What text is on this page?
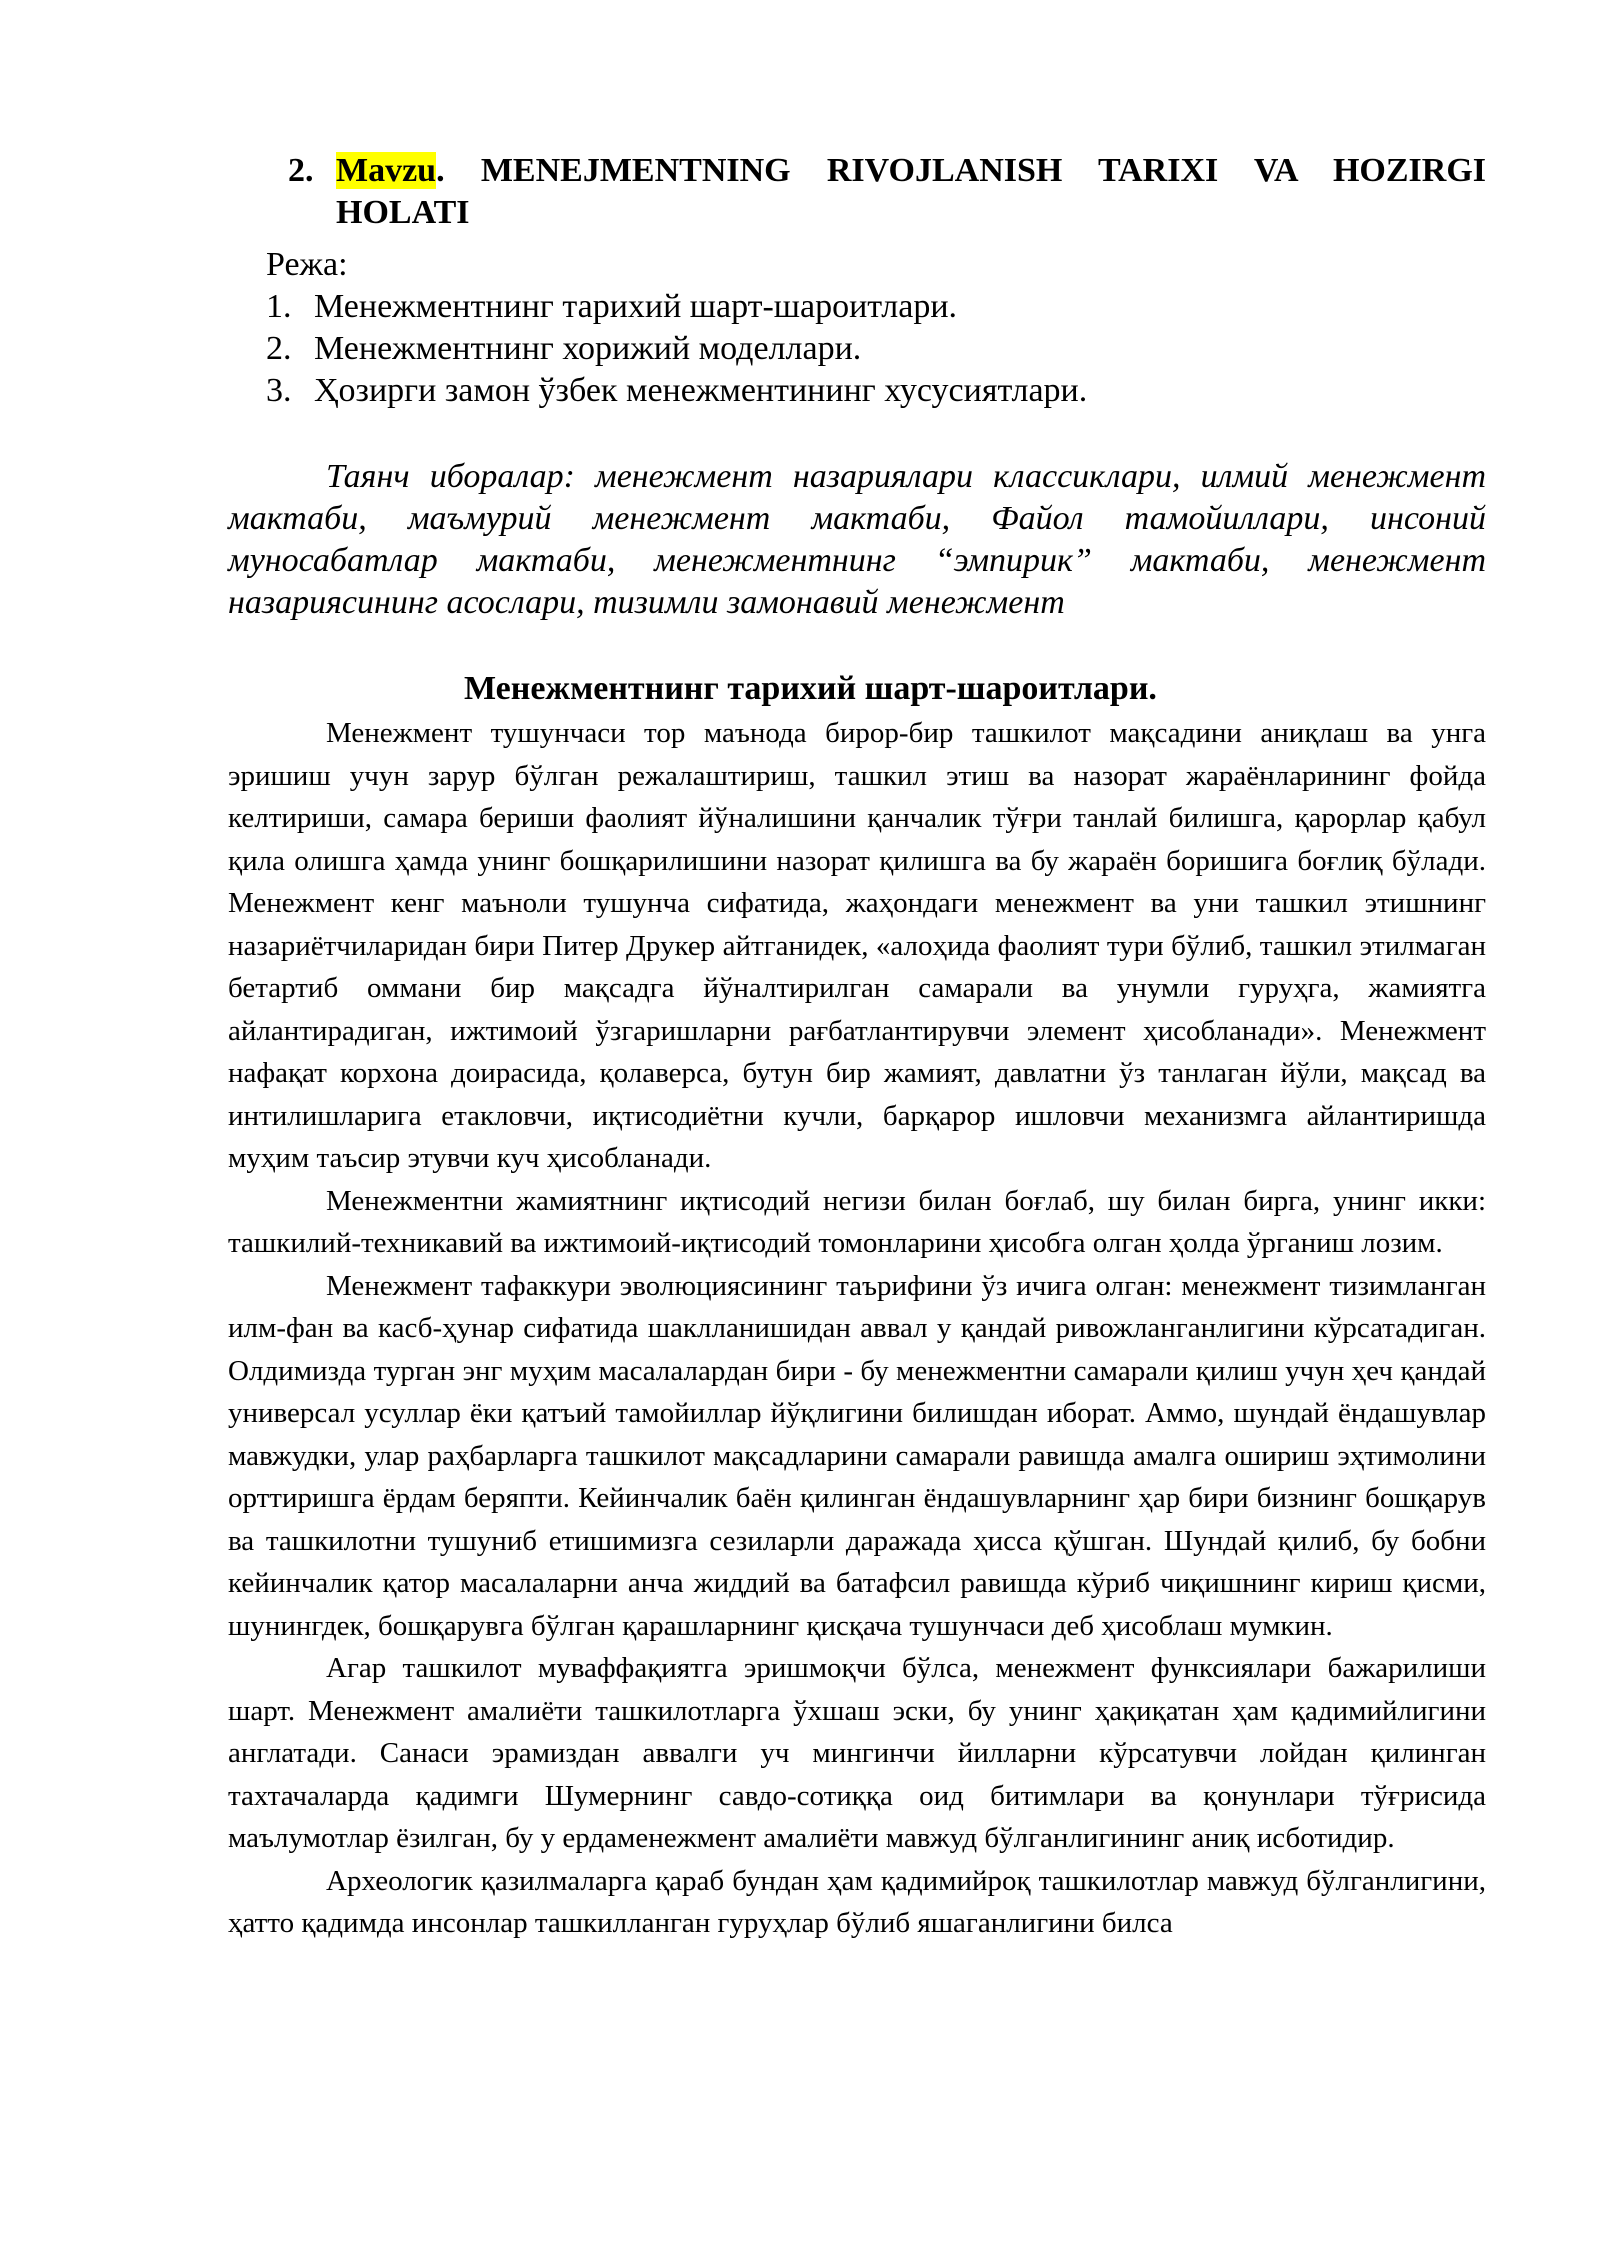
2. Mavzu. MENEJMENTNING RIVOJLANISH TARIXI VA HOZIRGI HOLATI

Режа:

1. Менежментнинг тарихий шарт-шароитлари.
2. Менежментнинг хорижий моделлари.
3. Ҳозирги замон ўзбек менежментининг хусусиятлари.

Таянч иборалар: менежмент назариялари классиклари, илмий менежмент мактаби, маъмурий менежмент мактаби, Файол тамойиллари, инсоний муносабатлар мактаби, менежментнинг “эмпирик” мактаби, менежмент назариясининг асослари, тизимли замонавий менежмент

Менежментнинг тарихий шарт-шароитлари.

Менежмент тушунчаси тор маънода бирор-бир ташкилот мақсадини аниқлаш ва унга эришиш учун зарур бўлган режалаштириш, ташкил этиш ва назорат жараёнларининг фойда келтириши, самара бериши фаолият йўналишини қанчалик тўғри танлай билишга, қарорлар қабул қила олишга ҳамда унинг бошқарилишини назорат қилишга ва бу жараён боришига боғлиқ бўлади. Менежмент кенг маъноли тушунча сифатида, жаҳондаги менежмент ва уни ташкил этишнинг назариётчиларидан бири Питер Друкер айтганидек, «алоҳида фаолият тури бўлиб, ташкил этилмаган бетартиб оммани бир мақсадга йўналтирилган самарали ва унумли гуруҳга, жамиятга айлантирадиган, ижтимоий ўзгаришларни рағбатлантирувчи элемент ҳисобланади». Менежмент нафақат корхона доирасида, қолаверса, бутун бир жамият, давлатни ўз танлаган йўли, мақсад ва интилишларига етакловчи, иқтисодиётни кучли, барқарор ишловчи механизмга айлантиришда муҳим таъсир этувчи куч ҳисобланади.

Менежментни жамиятнинг иқтисодий негизи билан боғлаб, шу билан бирга, унинг икки: ташкилий-техникавий ва ижтимоий-иқтисодий томонларини ҳисобга олган ҳолда ўрганиш лозим.

Менежмент тафаккури эволюциясининг таърифини ўз ичига олган: менежмент тизимланган илм-фан ва касб-ҳунар сифатида шаклланишидан аввал у қандай ривожланганлигини кўрсатадиган. Олдимизда турган энг муҳим масалалардан бири - бу менежментни самарали қилиш учун ҳеч қандай универсал усуллар ёки қатъий тамойиллар йўқлигини билишдан иборат. Аммо, шундай ёндашувлар мавжудки, улар раҳбарларга ташкилот мақсадларини самарали равишда амалга ошириш эҳтимолини орттиришга ёрдам беряпти. Кейинчалик баён қилинган ёндашувларнинг ҳар бири бизнинг бошқарув ва ташкилотни тушуниб етишимизга сезиларли даражада ҳисса қўшган. Шундай қилиб, бу бобни кейинчалик қатор масалаларни анча жиддий ва батафсил равишда кўриб чиқишнинг кириш қисми, шунингдек, бошқарувга бўлган қарашларнинг қисқача тушунчаси деб ҳисоблаш мумкин.

Агар ташкилот муваффақиятга эришмоқчи бўлса, менежмент функсиялари бажарилиши шарт. Менежмент амалиёти ташкилотларга ўхшаш эски, бу унинг ҳақиқатан ҳам қадимийлигини англатади. Санаси эрамиздан аввалги уч мингинчи йилларни кўрсатувчи лойдан қилинган тахтачаларда қадимги Шумернинг савдо-сотиққа оид битимлари ва қонунлари тўғрисида маълумотлар ёзилган, бу у ердаменежмент амалиёти мавжуд бўлганлигининг аниқ исботидир.

Археологик қазилмаларга қараб бундан ҳам қадимийроқ ташкилотлар мавжуд бўлганлигини, ҳатто қадимда инсонлар ташкилланган гуруҳлар бўлиб яшаганлигини билса
